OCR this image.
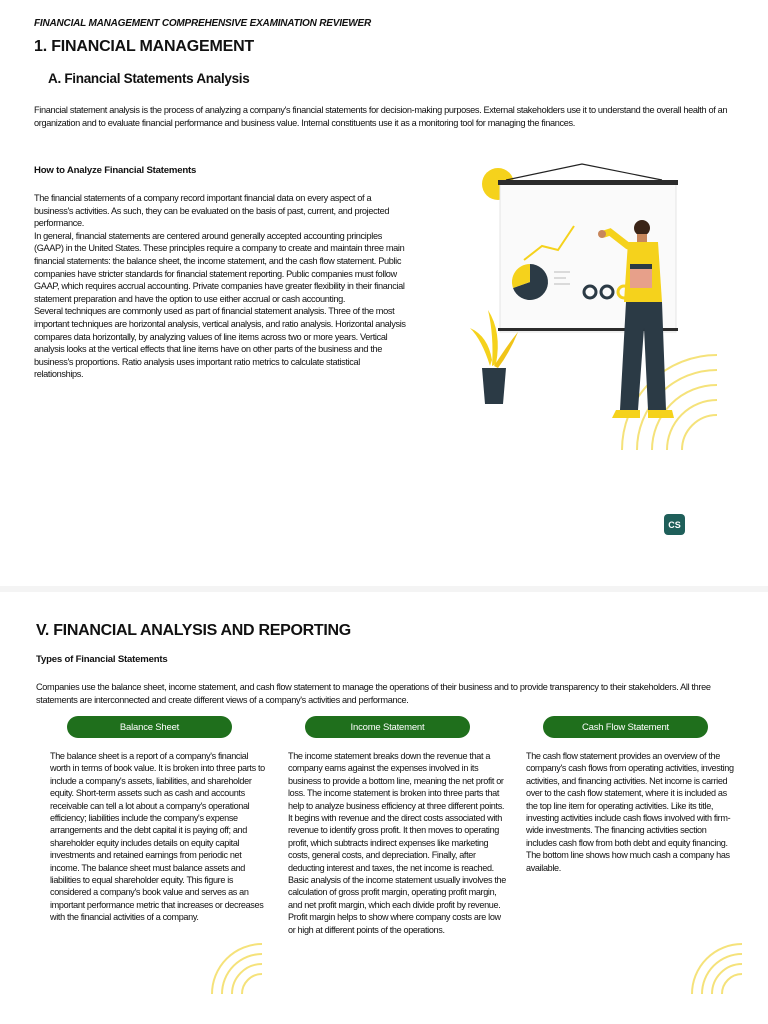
FINANCIAL MANAGEMENT COMPREHENSIVE EXAMINATION REVIEWER
1. FINANCIAL MANAGEMENT
A. Financial Statements Analysis
Financial statement analysis is the process of analyzing a company's financial statements for decision-making purposes. External stakeholders use it to understand the overall health of an organization and to evaluate financial performance and business value. Internal constituents use it as a monitoring tool for managing the finances.
How to Analyze Financial Statements

The financial statements of a company record important financial data on every aspect of a business's activities. As such, they can be evaluated on the basis of past, current, and projected performance.

In general, financial statements are centered around generally accepted accounting principles (GAAP) in the United States. These principles require a company to create and maintain three main financial statements: the balance sheet, the income statement, and the cash flow statement. Public companies have stricter standards for financial statement reporting. Public companies must follow GAAP, which requires accrual accounting. Private companies have greater flexibility in their financial statement preparation and have the option to use either accrual or cash accounting.

Several techniques are commonly used as part of financial statement analysis. Three of the most important techniques are horizontal analysis, vertical analysis, and ratio analysis. Horizontal analysis compares data horizontally, by analyzing values of line items across two or more years. Vertical analysis looks at the vertical effects that line items have on other parts of the business and the business's proportions. Ratio analysis uses important ratio metrics to calculate statistical relationships.

CS
V. FINANCIAL ANALYSIS AND REPORTING
Types of Financial Statements
Companies use the balance sheet, income statement, and cash flow statement to manage the operations of their business and to provide transparency to their stakeholders. All three statements are interconnected and create different views of a company's activities and performance.
Balance Sheet	Income Statement	Cash Flow Statement
The balance sheet is a report of a company's financial worth in terms of book value. It is broken into three parts to include a company's assets, liabilities, and shareholder equity. Short-term assets such as cash and accounts receivable can tell a lot about a company's operational efficiency; liabilities include the company's expense arrangements and the debt capital it is paying off; and shareholder equity includes details on equity capital investments and retained earnings from periodic net income. The balance sheet must balance assets and liabilities to equal shareholder equity. This figure is considered a company's book value and serves as an important performance metric that increases or decreases with the financial activities of a company.
The income statement breaks down the revenue that a company earns against the expenses involved in its business to provide a bottom line, meaning the net profit or loss. The income statement is broken into three parts that help to analyze business efficiency at three different points. It begins with revenue and the direct costs associated with revenue to identify gross profit. It then moves to operating profit, which subtracts indirect expenses like marketing costs, general costs, and depreciation. Finally, after deducting interest and taxes, the net income is reached. Basic analysis of the income statement usually involves the calculation of gross profit margin, operating profit margin, and net profit margin, which each divide profit by revenue. Profit margin helps to show where company costs are low or high at different points of the operations.
The cash flow statement provides an overview of the company's cash flows from operating activities, investing activities, and financing activities. Net income is carried over to the cash flow statement, where it is included as the top line item for operating activities. Like its title, investing activities include cash flows involved with firm-wide investments. The financing activities section includes cash flow from both debt and equity financing. The bottom line shows how much cash a company has available.
